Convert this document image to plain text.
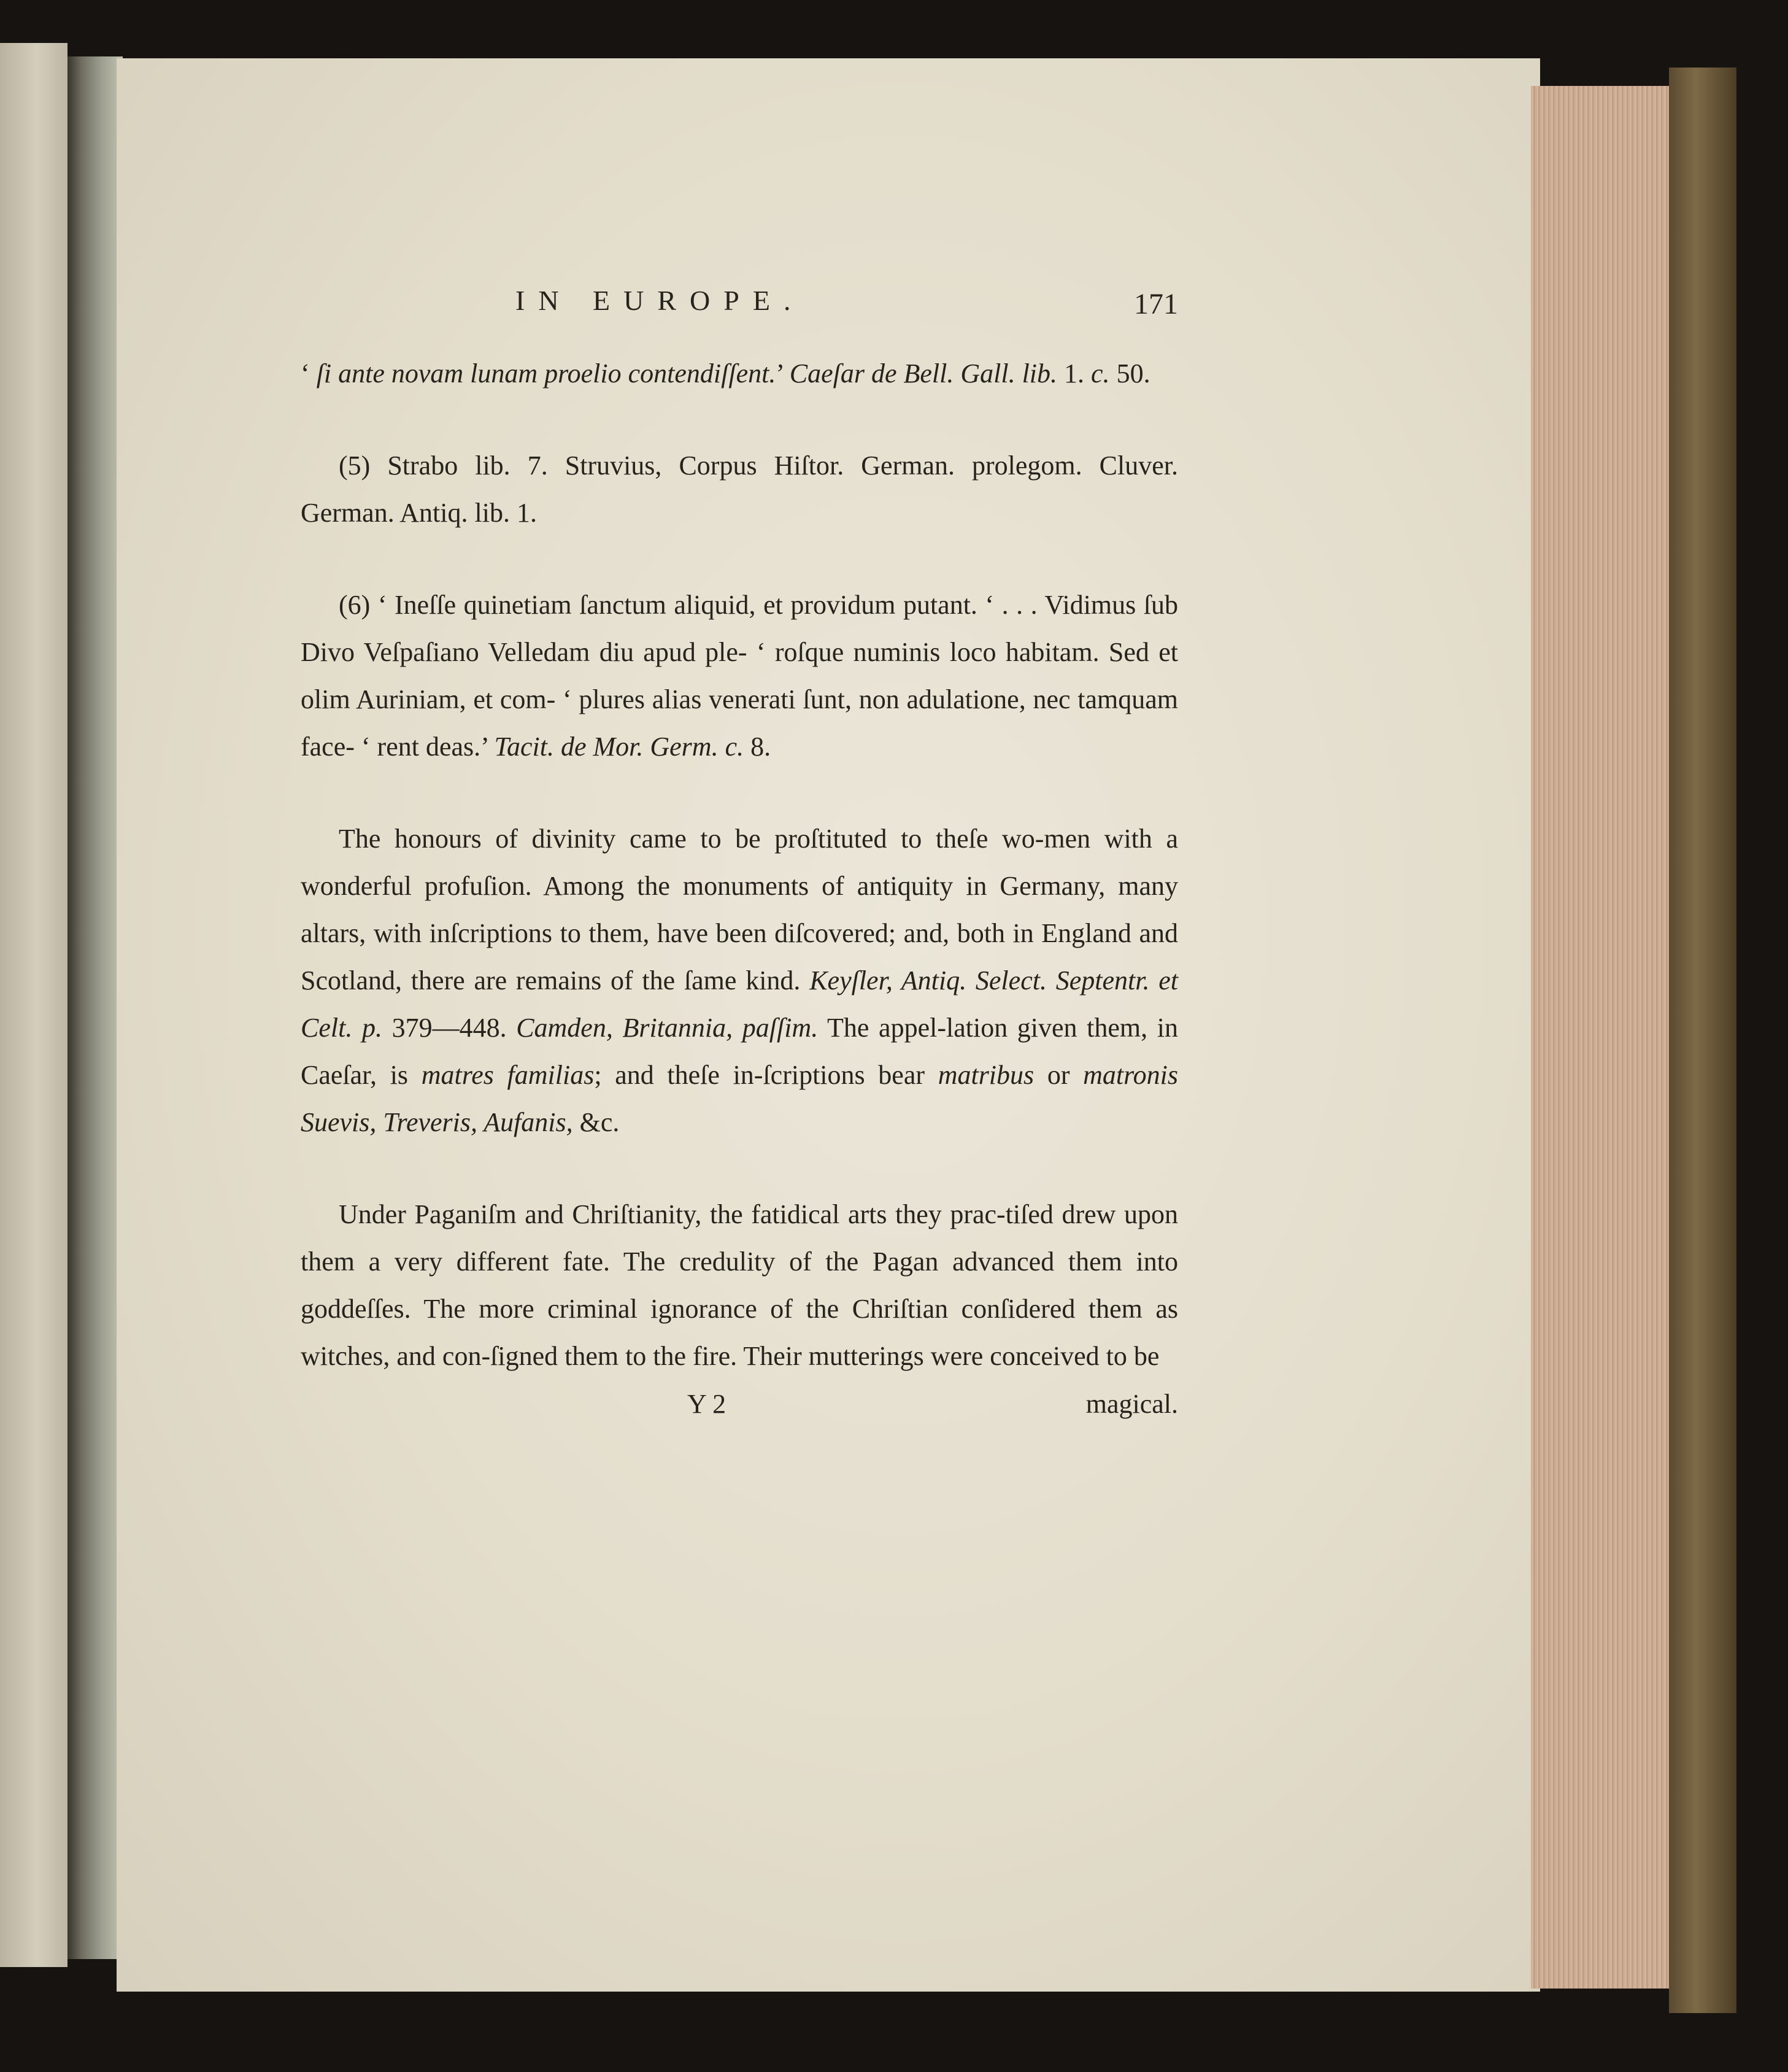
IN EUROPE.	171

‘ ſi ante novam lunam proelio contendiſſent.’ Caeſar de Bell. Gall. lib. 1. c. 50.

(5) Strabo lib. 7. Struvius, Corpus Hiſtor. German. prolegom. Cluver. German. Antiq. lib. 1.

(6) ‘ Ineſſe quinetiam ſanctum aliquid, et providum putant. ‘ . . . Vidimus ſub Divo Veſpaſiano Velledam diu apud ple- ‘ roſque numinis loco habitam. Sed et olim Auriniam, et com- ‘ plures alias venerati ſunt, non adulatione, nec tamquam face- ‘ rent deas.’ Tacit. de Mor. Germ. c. 8.

The honours of divinity came to be proſtituted to theſe wo-men with a wonderful profuſion. Among the monuments of antiquity in Germany, many altars, with inſcriptions to them, have been diſcovered; and, both in England and Scotland, there are remains of the ſame kind. Keyſler, Antiq. Select. Septentr. et Celt. p. 379—448. Camden, Britannia, paſſim. The appel-lation given them, in Caeſar, is matres familias; and theſe in-ſcriptions bear matribus or matronis Suevis, Treveris, Aufanis, &c.

Under Paganiſm and Chriſtianity, the fatidical arts they prac-tiſed drew upon them a very different fate. The credulity of the Pagan advanced them into goddeſſes. The more criminal ignorance of the Chriſtian conſidered them as witches, and con-ſigned them to the fire. Their mutterings were conceived to be

Y 2	magical.
